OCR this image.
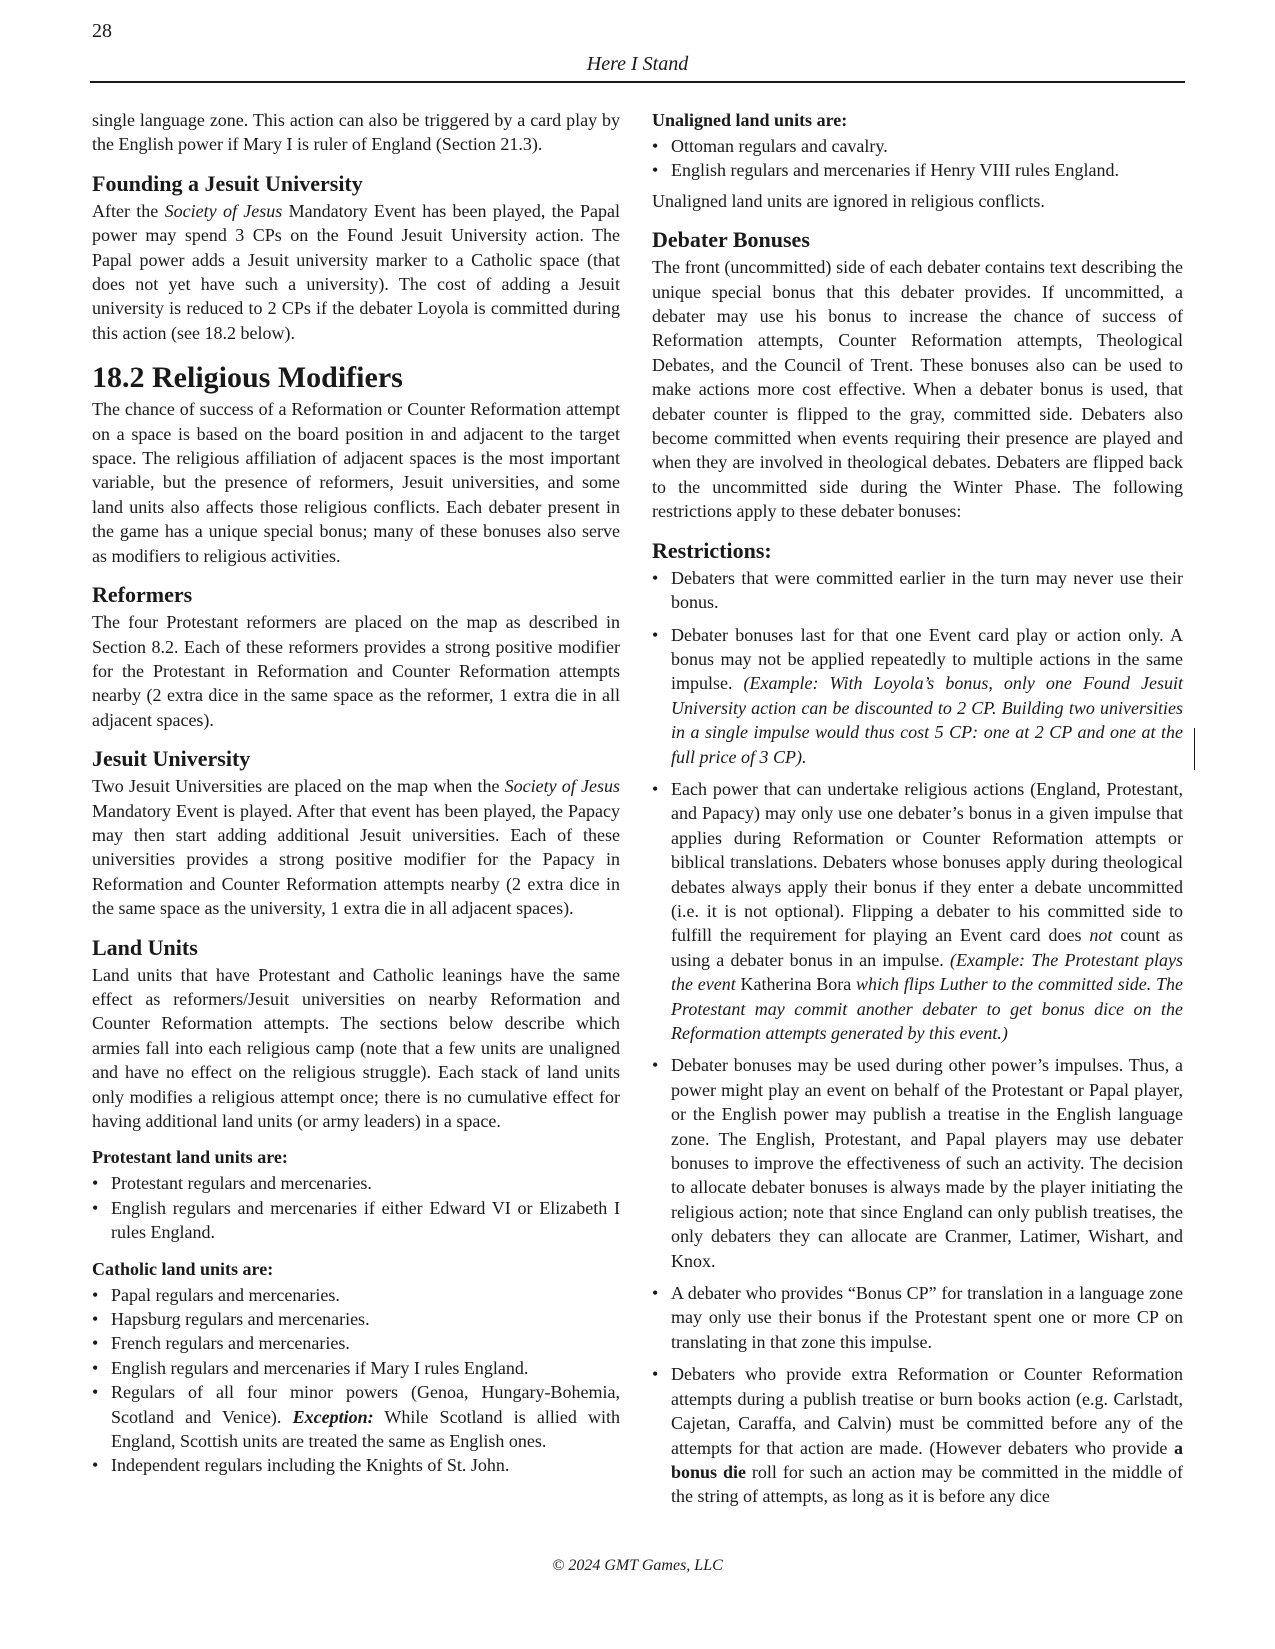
28
Here I Stand

single language zone. This action can also be triggered by a card play by the English power if Mary I is ruler of England (Section 21.3).

Founding a Jesuit University

After the Society of Jesus Mandatory Event has been played, the Papal power may spend 3 CPs on the Found Jesuit University action. The Papal power adds a Jesuit university marker to a Catholic space (that does not yet have such a university). The cost of adding a Jesuit university is reduced to 2 CPs if the debater Loyola is committed during this action (see 18.2 below).

18.2 Religious Modifiers

The chance of success of a Reformation or Counter Reformation attempt on a space is based on the board position in and adjacent to the target space. The religious affiliation of adjacent spaces is the most important variable, but the presence of reformers, Jesuit universities, and some land units also affects those religious conflicts. Each debater present in the game has a unique special bonus; many of these bonuses also serve as modifiers to religious activities.

Reformers

The four Protestant reformers are placed on the map as described in Section 8.2. Each of these reformers provides a strong positive modifier for the Protestant in Reformation and Counter Reformation attempts nearby (2 extra dice in the same space as the reformer, 1 extra die in all adjacent spaces).

Jesuit University

Two Jesuit Universities are placed on the map when the Society of Jesus Mandatory Event is played. After that event has been played, the Papacy may then start adding additional Jesuit universities. Each of these universities provides a strong positive modifier for the Papacy in Reformation and Counter Reformation attempts nearby (2 extra dice in the same space as the university, 1 extra die in all adjacent spaces).

Land Units

Land units that have Protestant and Catholic leanings have the same effect as reformers/Jesuit universities on nearby Reformation and Counter Reformation attempts. The sections below describe which armies fall into each religious camp (note that a few units are unaligned and have no effect on the religious struggle). Each stack of land units only modifies a religious attempt once; there is no cumulative effect for having additional land units (or army leaders) in a space.

Protestant land units are:
• Protestant regulars and mercenaries.
• English regulars and mercenaries if either Edward VI or Elizabeth I rules England.
Catholic land units are:
• Papal regulars and mercenaries.
• Hapsburg regulars and mercenaries.
• French regulars and mercenaries.
• English regulars and mercenaries if Mary I rules England.
• Regulars of all four minor powers (Genoa, Hungary-Bohemia, Scotland and Venice). Exception: While Scotland is allied with England, Scottish units are treated the same as English ones.
• Independent regulars including the Knights of St. John.
Unaligned land units are:
• Ottoman regulars and cavalry.
• English regulars and mercenaries if Henry VIII rules England.

Unaligned land units are ignored in religious conflicts.

Debater Bonuses

The front (uncommitted) side of each debater contains text describing the unique special bonus that this debater provides. If uncommitted, a debater may use his bonus to increase the chance of success of Reformation attempts, Counter Reformation attempts, Theological Debates, and the Council of Trent. These bonuses also can be used to make actions more cost effective. When a debater bonus is used, that debater counter is flipped to the gray, committed side. Debaters also become committed when events requiring their presence are played and when they are involved in theological debates. Debaters are flipped back to the uncommitted side during the Winter Phase. The following restrictions apply to these debater bonuses:

Restrictions:
• Debaters that were committed earlier in the turn may never use their bonus.
• Debater bonuses last for that one Event card play or action only. A bonus may not be applied repeatedly to multiple actions in the same impulse. (Example: With Loyola’s bonus, only one Found Jesuit University action can be discounted to 2 CP. Building two universities in a single impulse would thus cost 5 CP: one at 2 CP and one at the full price of 3 CP).
• Each power that can undertake religious actions (England, Protestant, and Papacy) may only use one debater’s bonus in a given impulse that applies during Reformation or Counter Reformation attempts or biblical translations. Debaters whose bonuses apply during theological debates always apply their bonus if they enter a debate uncommitted (i.e. it is not optional). Flipping a debater to his committed side to fulfill the requirement for playing an Event card does not count as using a debater bonus in an impulse. (Example: The Protestant plays the event Katherina Bora which flips Luther to the committed side. The Protestant may commit another debater to get bonus dice on the Reformation attempts generated by this event.)
• Debater bonuses may be used during other power’s impulses. Thus, a power might play an event on behalf of the Protestant or Papal player, or the English power may publish a treatise in the English language zone. The English, Protestant, and Papal players may use debater bonuses to improve the effectiveness of such an activity. The decision to allocate debater bonuses is always made by the player initiating the religious action; note that since England can only publish treatises, the only debaters they can allocate are Cranmer, Latimer, Wishart, and Knox.
• A debater who provides “Bonus CP” for translation in a language zone may only use their bonus if the Protestant spent one or more CP on translating in that zone this impulse.
• Debaters who provide extra Reformation or Counter Reformation attempts during a publish treatise or burn books action (e.g. Carlstadt, Cajetan, Caraffa, and Calvin) must be committed before any of the attempts for that action are made. (However debaters who provide a bonus die roll for such an action may be committed in the middle of the string of attempts, as long as it is before any dice
© 2024 GMT Games, LLC
